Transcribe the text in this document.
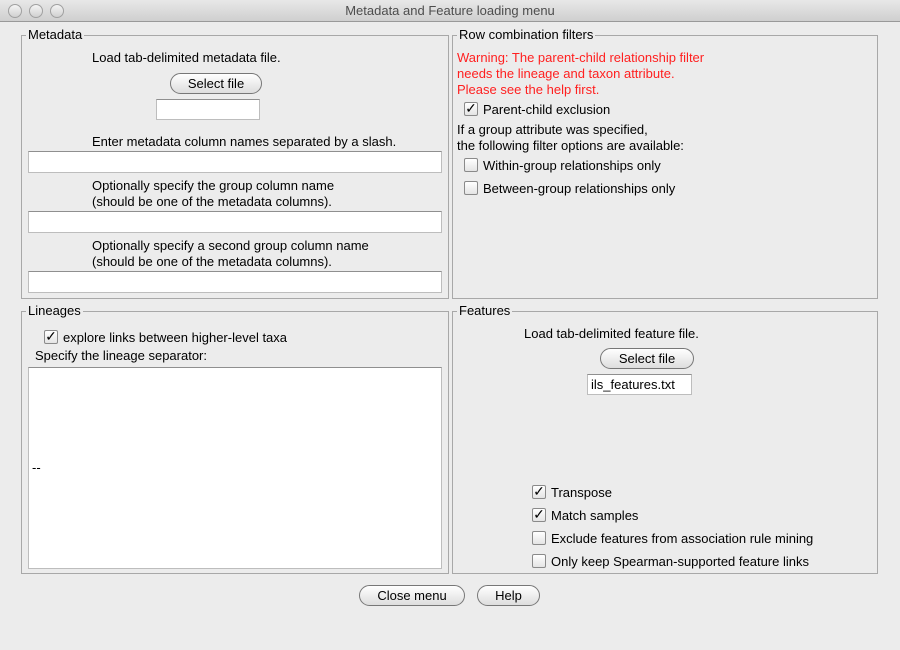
Metadata and Feature loading menu
Metadata
Load tab-delimited metadata file.
Select file
Enter metadata column names separated by a slash.
Optionally specify the group column name
(should be one of the metadata columns).
Optionally specify a second group column name
(should be one of the metadata columns).
Row combination filters
Warning: The parent-child relationship filter
needs the lineage and taxon attribute.
Please see the help first.
✓ Parent-child exclusion
If a group attribute was specified,
the following filter options are available:
Within-group relationships only
Between-group relationships only
Lineages
✓ explore links between higher-level taxa
Specify the lineage separator:
--
Features
Load tab-delimited feature file.
Select file
ils_features.txt
✓ Transpose
✓ Match samples
Exclude features from association rule mining
Only keep Spearman-supported feature links
Close menu	Help
